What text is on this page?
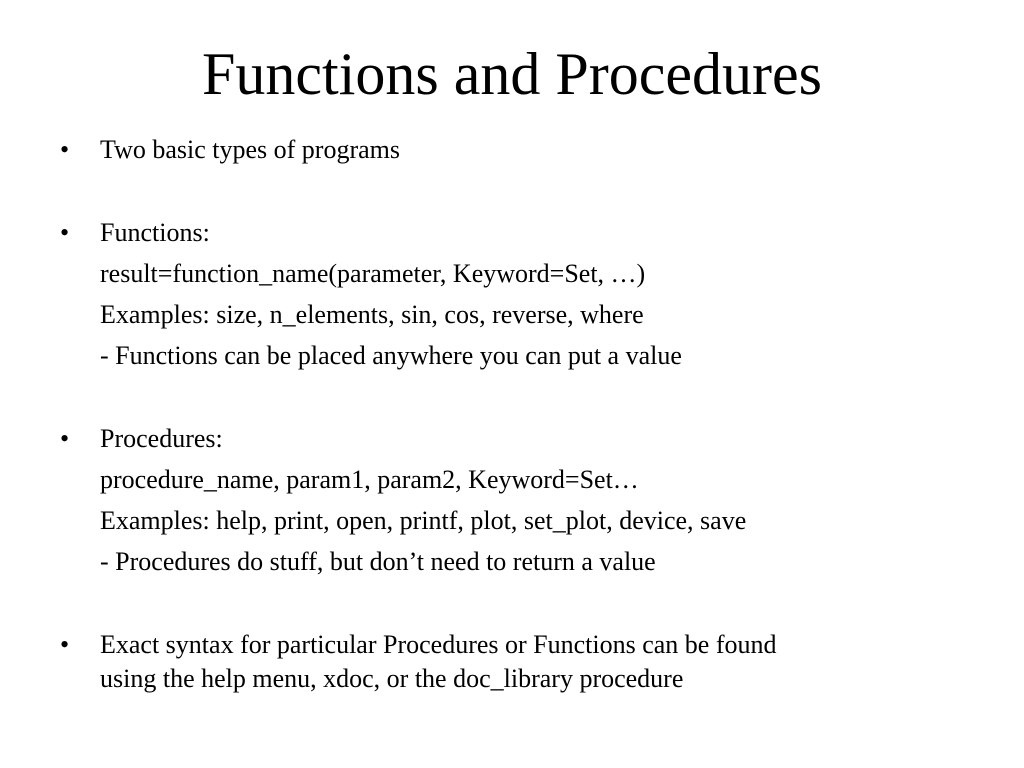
Functions and Procedures
• Two basic types of programs
• Functions:
result=function_name(parameter, Keyword=Set, …)
Examples: size, n_elements, sin, cos, reverse, where
- Functions can be placed anywhere you can put a value
• Procedures:
procedure_name, param1, param2, Keyword=Set…
Examples: help, print, open, printf, plot, set_plot, device, save
- Procedures do stuff, but don’t need to return a value
• Exact syntax for particular Procedures or Functions can be found
using the help menu, xdoc, or the doc_library procedure
